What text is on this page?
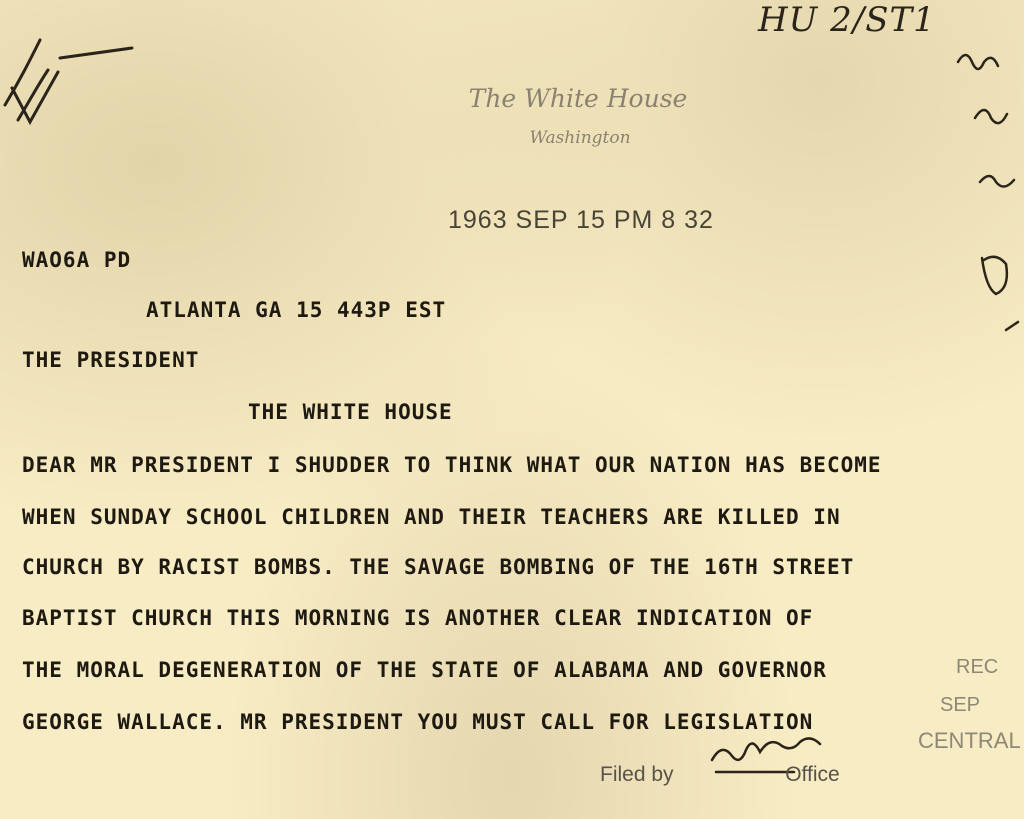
HU 2/ST1
The White House
Washington
1963 SEP 15 PM 8 32
WAO6A PD
ATLANTA GA 15 443P EST
THE PRESIDENT
THE WHITE HOUSE
DEAR MR PRESIDENT I SHUDDER TO THINK WHAT OUR NATION HAS BECOME
WHEN SUNDAY SCHOOL CHILDREN AND THEIR TEACHERS ARE KILLED IN
CHURCH BY RACIST BOMBS. THE SAVAGE BOMBING OF THE 16TH STREET
BAPTIST CHURCH THIS MORNING IS ANOTHER CLEAR INDICATION OF
THE MORAL DEGENERATION OF THE STATE OF ALABAMA AND GOVERNOR
GEORGE WALLACE. MR PRESIDENT YOU MUST CALL FOR LEGISLATION
REC
SEP
CENTRAL
Filed by	Office
